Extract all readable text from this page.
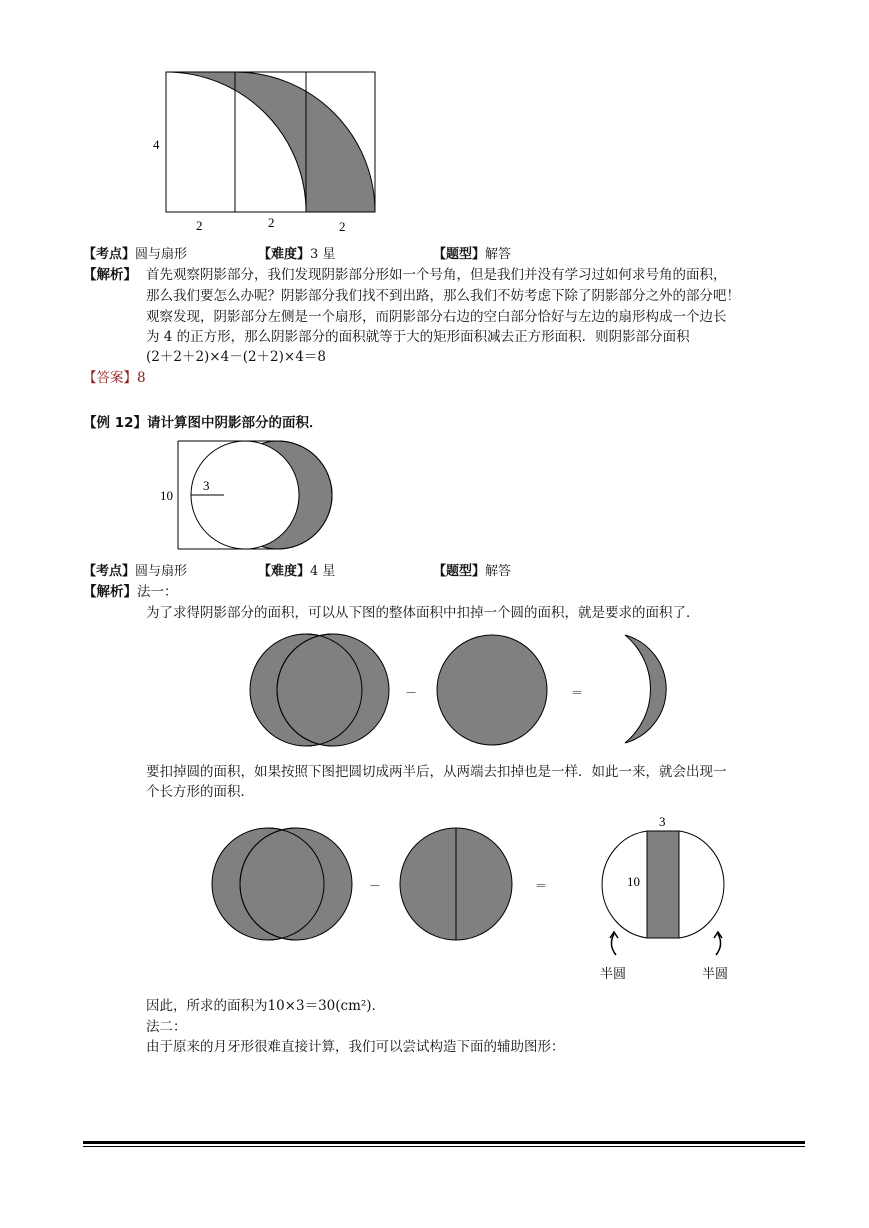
4
2	2	2
【考点】圆与扇形	【难度】3 星	【题型】解答
【解析】 首先观察阴影部分，我们发现阴影部分形如一个号角，但是我们并没有学习过如何求号角的面积，
那么我们要怎么办呢？阴影部分我们找不到出路，那么我们不妨考虑下除了阴影部分之外的部分吧！
观察发现，阴影部分左侧是一个扇形，而阴影部分右边的空白部分恰好与左边的扇形构成一个边长
为 4 的正方形，那么阴影部分的面积就等于大的矩形面积减去正方形面积．则阴影部分面积
(2＋2＋2)×4－(2＋2)×4＝8
【答案】8
【例 12】请计算图中阴影部分的面积．
10
3
【考点】圆与扇形	【难度】4 星	【题型】解答
【解析】法一：
为了求得阴影部分的面积，可以从下图的整体面积中扣掉一个圆的面积，就是要求的面积了．
－	＝
要扣掉圆的面积，如果按照下图把圆切成两半后，从两端去扣掉也是一样．如此一来，就会出现一
个长方形的面积．
－	＝
3
10
半圆	半圆
因此，所求的面积为10×3＝30(cm²)．
法二：
由于原来的月牙形很难直接计算，我们可以尝试构造下面的辅助图形：
